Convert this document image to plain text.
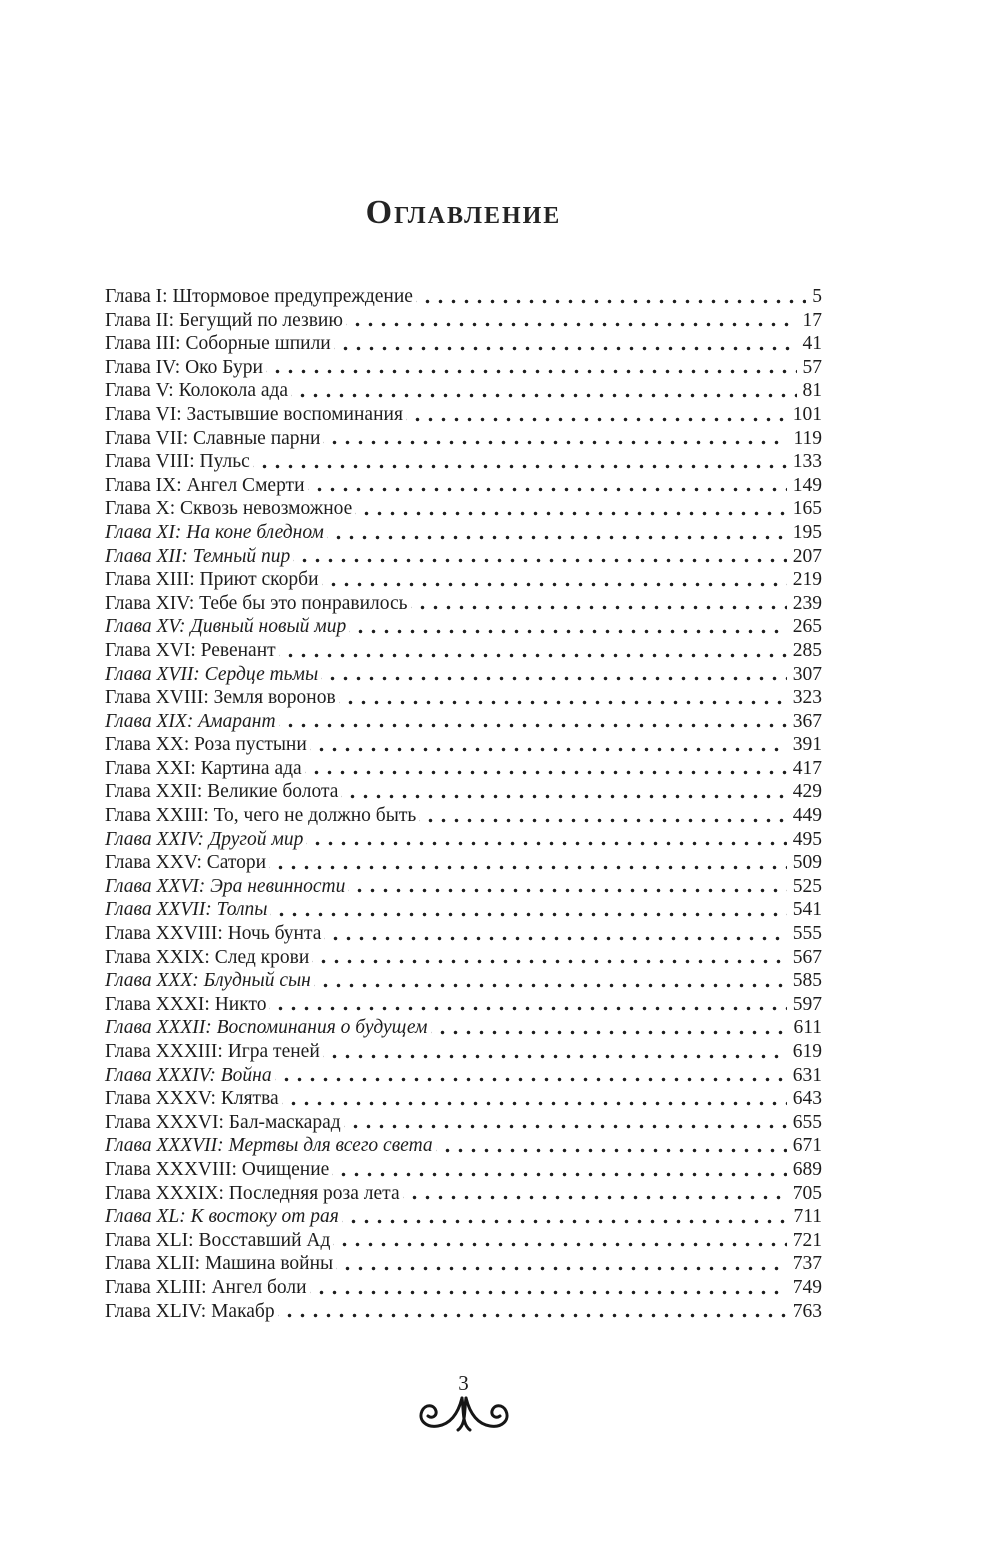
Оглавление
Глава I: Штормовое предупреждение	5
Глава II: Бегущий по лезвию	17
Глава III: Соборные шпили	41
Глава IV: Око Бури	57
Глава V: Колокола ада	81
Глава VI: Застывшие воспоминания	101
Глава VII: Славные парни	119
Глава VIII: Пульс	133
Глава IX: Ангел Смерти	149
Глава X: Сквозь невозможное	165
Глава XI: На коне бледном	195
Глава XII: Темный пир	207
Глава XIII: Приют скорби	219
Глава XIV: Тебе бы это понравилось	239
Глава XV: Дивный новый мир	265
Глава XVI: Ревенант	285
Глава XVII: Сердце тьмы	307
Глава XVIII: Земля воронов	323
Глава XIX: Амарант	367
Глава XX: Роза пустыни	391
Глава XXI: Картина ада	417
Глава XXII: Великие болота	429
Глава XXIII: То, чего не должно быть	449
Глава XXIV: Другой мир	495
Глава XXV: Сатори	509
Глава XXVI: Эра невинности	525
Глава XXVII: Толпы	541
Глава XXVIII: Ночь бунта	555
Глава XXIX: След крови	567
Глава XXX: Блудный сын	585
Глава XXXI: Никто	597
Глава XXXII: Воспоминания о будущем	611
Глава XXXIII: Игра теней	619
Глава XXXIV: Война	631
Глава XXXV: Клятва	643
Глава XXXVI: Бал-маскарад	655
Глава XXXVII: Мертвы для всего света	671
Глава XXXVIII: Очищение	689
Глава XXXIX: Последняя роза лета	705
Глава XL: К востоку от рая	711
Глава XLI: Восставший Ад	721
Глава XLII: Машина войны	737
Глава XLIII: Ангел боли	749
Глава XLIV: Макабр	763
3
